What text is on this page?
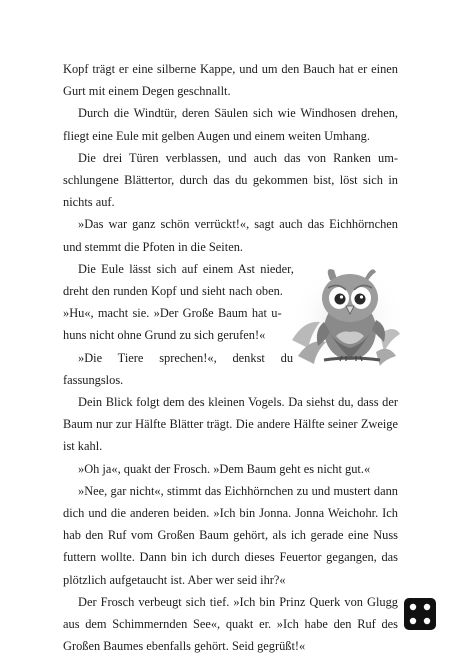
Kopf trägt er eine silberne Kappe, und um den Bauch hat er einen Gurt mit einem Degen geschnallt.

Durch die Windtür, deren Säulen sich wie Windhosen drehen, fliegt eine Eule mit gelben Augen und einem weiten Umhang.

Die drei Türen verblassen, und auch das von Ranken umschlungene Blättertor, durch das du gekommen bist, löst sich in nichts auf.

»Das war ganz schön verrückt!«, sagt auch das Eichhörnchen und stemmt die Pfoten in die Seiten.

Die Eule lässt sich auf einem Ast nieder, dreht den runden Kopf und sieht nach oben. »Hu«, macht sie. »Der Große Baum hat uhuns nicht ohne Grund zu sich gerufen!«

»Die Tiere sprechen!«, denkst du fassungslos.

Dein Blick folgt dem des kleinen Vogels. Da siehst du, dass der Baum nur zur Hälfte Blätter trägt. Die andere Hälfte seiner Zweige ist kahl.

»Oh ja«, quakt der Frosch. »Dem Baum geht es nicht gut.«

»Nee, gar nicht«, stimmt das Eichhörnchen zu und mustert dann dich und die anderen beiden. »Ich bin Jonna. Jonna Weichohr. Ich hab den Ruf vom Großen Baum gehört, als ich gerade eine Nuss futtern wollte. Dann bin ich durch dieses Feuertor gegangen, das plötzlich aufgetaucht ist. Aber wer seid ihr?«

Der Frosch verbeugt sich tief. »Ich bin Prinz Querk von Glugg aus dem Schimmernden See«, quakt er. »Ich habe den Ruf des Großen Baumes ebenfalls gehört. Seid gegrüßt!«
